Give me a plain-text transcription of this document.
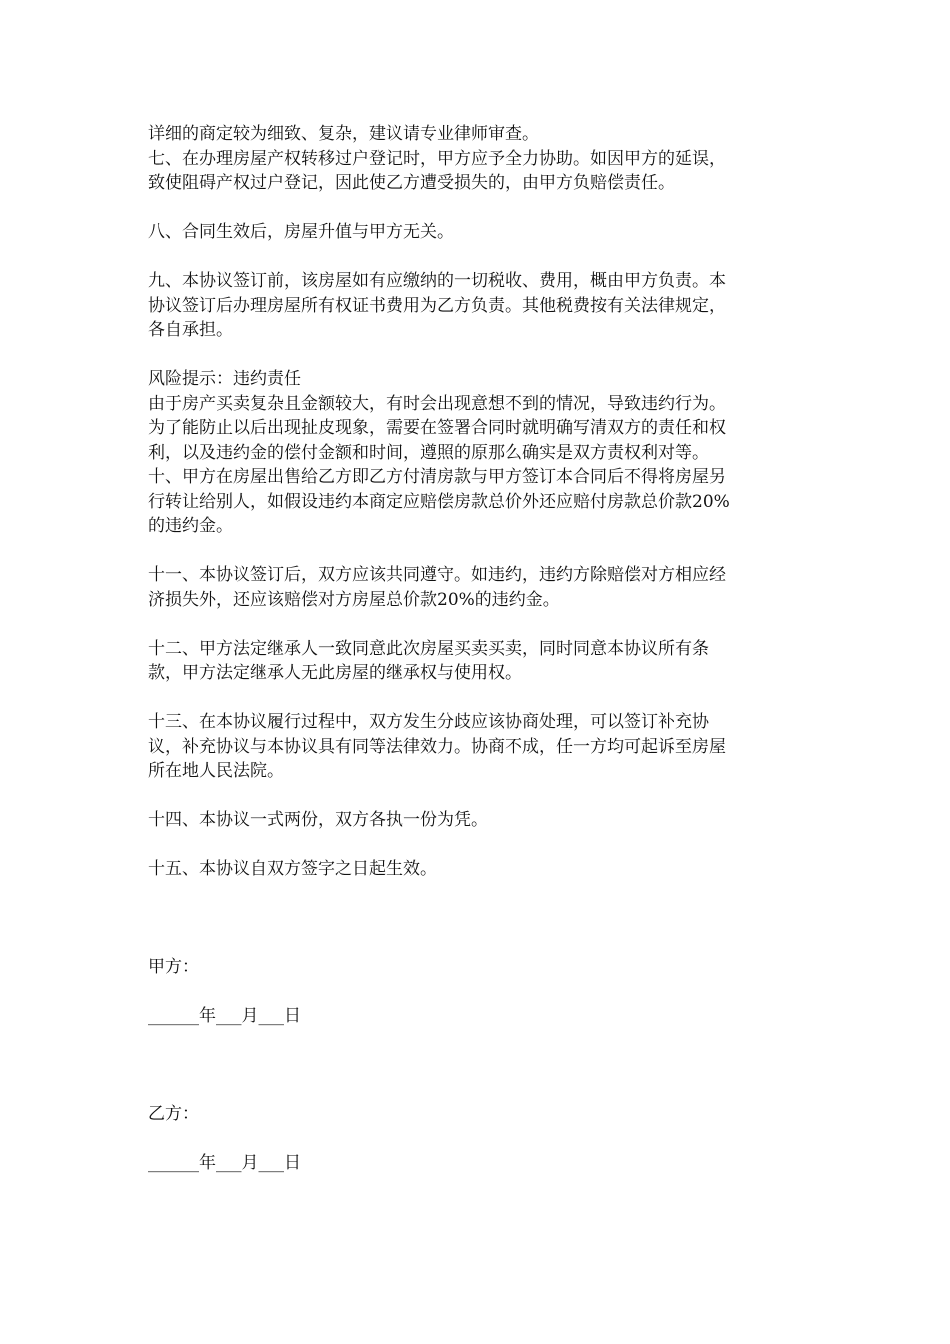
详细的商定较为细致、复杂，建议请专业律师审查。
七、在办理房屋产权转移过户登记时，甲方应予全力协助。如因甲方的延误，
致使阻碍产权过户登记，因此使乙方遭受损失的，由甲方负赔偿责任。
八、合同生效后，房屋升值与甲方无关。
九、本协议签订前，该房屋如有应缴纳的一切税收、费用，概由甲方负责。本
协议签订后办理房屋所有权证书费用为乙方负责。其他税费按有关法律规定，
各自承担。
风险提示：违约责任
由于房产买卖复杂且金额较大，有时会出现意想不到的情况，导致违约行为。
为了能防止以后出现扯皮现象，需要在签署合同时就明确写清双方的责任和权
利，以及违约金的偿付金额和时间，遵照的原那么确实是双方责权利对等。
十、甲方在房屋出售给乙方即乙方付清房款与甲方签订本合同后不得将房屋另
行转让给别人，如假设违约本商定应赔偿房款总价外还应赔付房款总价款20%
的违约金。
十一、本协议签订后，双方应该共同遵守。如违约，违约方除赔偿对方相应经
济损失外，还应该赔偿对方房屋总价款20%的违约金。
十二、甲方法定继承人一致同意此次房屋买卖买卖，同时同意本协议所有条
款，甲方法定继承人无此房屋的继承权与使用权。
十三、在本协议履行过程中，双方发生分歧应该协商处理，可以签订补充协
议，补充协议与本协议具有同等法律效力。协商不成，任一方均可起诉至房屋
所在地人民法院。
十四、本协议一式两份，双方各执一份为凭。
十五、本协议自双方签字之日起生效。
甲方：
______年___月___日
乙方：
______年___月___日
